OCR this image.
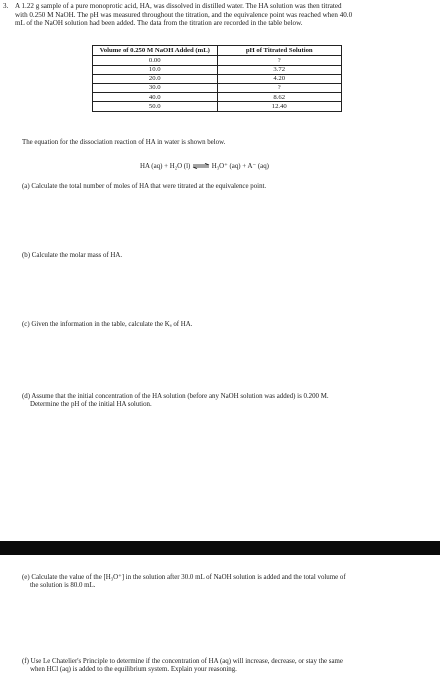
3. A 1.22 g sample of a pure monoprotic acid, HA, was dissolved in distilled water. The HA solution was then titrated
with 0.250 M NaOH. The pH was measured throughout the titration, and the equivalence point was reached when 40.0
mL of the NaOH solution had been added. The data from the titration are recorded in the table below.
Volume of 0.250 M NaOH Added (mL)	pH of Titrated Solution
0.00	?
10.0	3.72
20.0	4.20
30.0	?
40.0	8.62
50.0	12.40
The equation for the dissociation reaction of HA in water is shown below.
HA (aq) + H₂O (l) ⇌ H₃O⁺ (aq) + A⁻ (aq)
(a) Calculate the total number of moles of HA that were titrated at the equivalence point.
(b) Calculate the molar mass of HA.
(c) Given the information in the table, calculate the Kₐ of HA.
(d) Assume that the initial concentration of the HA solution (before any NaOH solution was added) is 0.200 M.
Determine the pH of the initial HA solution.
(e) Calculate the value of the [H₃O⁺] in the solution after 30.0 mL of NaOH solution is added and the total volume of
the solution is 80.0 mL.
(f) Use Le Chatelier's Principle to determine if the concentration of HA (aq) will increase, decrease, or stay the same
when HCl (aq) is added to the equilibrium system. Explain your reasoning.
